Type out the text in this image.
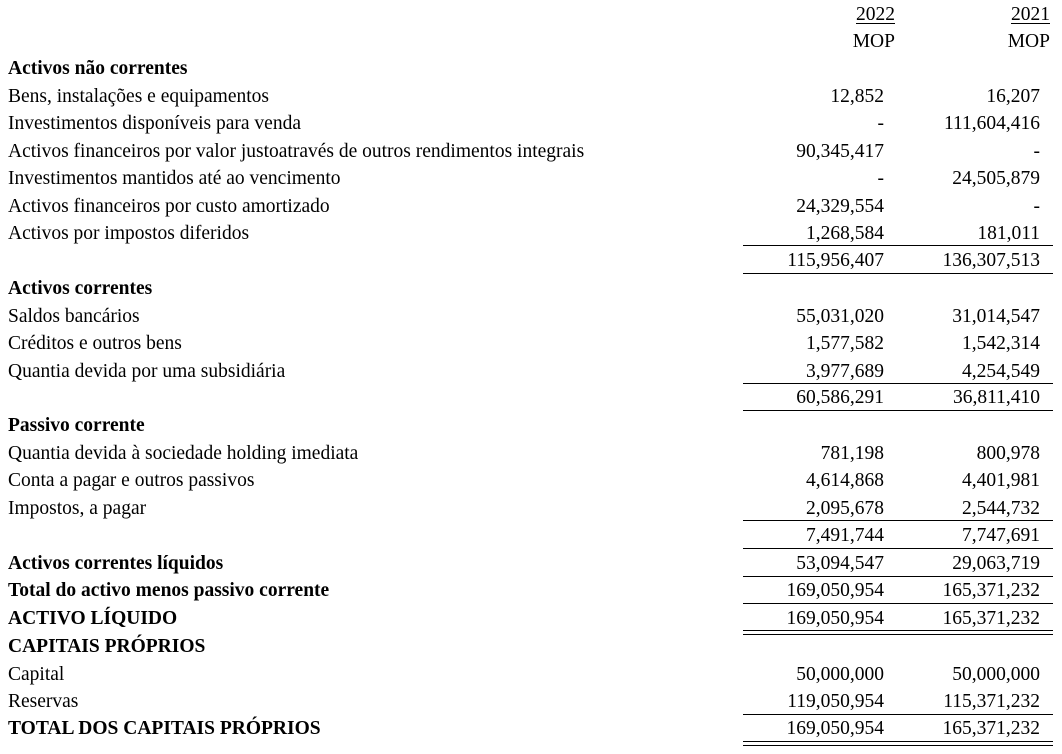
2022	2021
MOP	MOP
Activos não correntes
Bens, instalações e equipamentos	12,852	16,207
Investimentos disponíveis para venda	-	111,604,416
Activos financeiros por valor justoatravés de outros rendimentos integrais	90,345,417	-
Investimentos mantidos até ao vencimento	-	24,505,879
Activos financeiros por custo amortizado	24,329,554	-
Activos por impostos diferidos	1,268,584	181,011
115,956,407	136,307,513
Activos correntes
Saldos bancários	55,031,020	31,014,547
Créditos e outros bens	1,577,582	1,542,314
Quantia devida por uma subsidiária	3,977,689	4,254,549
60,586,291	36,811,410
Passivo corrente
Quantia devida à sociedade holding imediata	781,198	800,978
Conta a pagar e outros passivos	4,614,868	4,401,981
Impostos, a pagar	2,095,678	2,544,732
7,491,744	7,747,691
Activos correntes líquidos	53,094,547	29,063,719
Total do activo menos passivo corrente	169,050,954	165,371,232
ACTIVO LÍQUIDO	169,050,954	165,371,232
CAPITAIS PRÓPRIOS
Capital	50,000,000	50,000,000
Reservas	119,050,954	115,371,232
TOTAL DOS CAPITAIS PRÓPRIOS	169,050,954	165,371,232
